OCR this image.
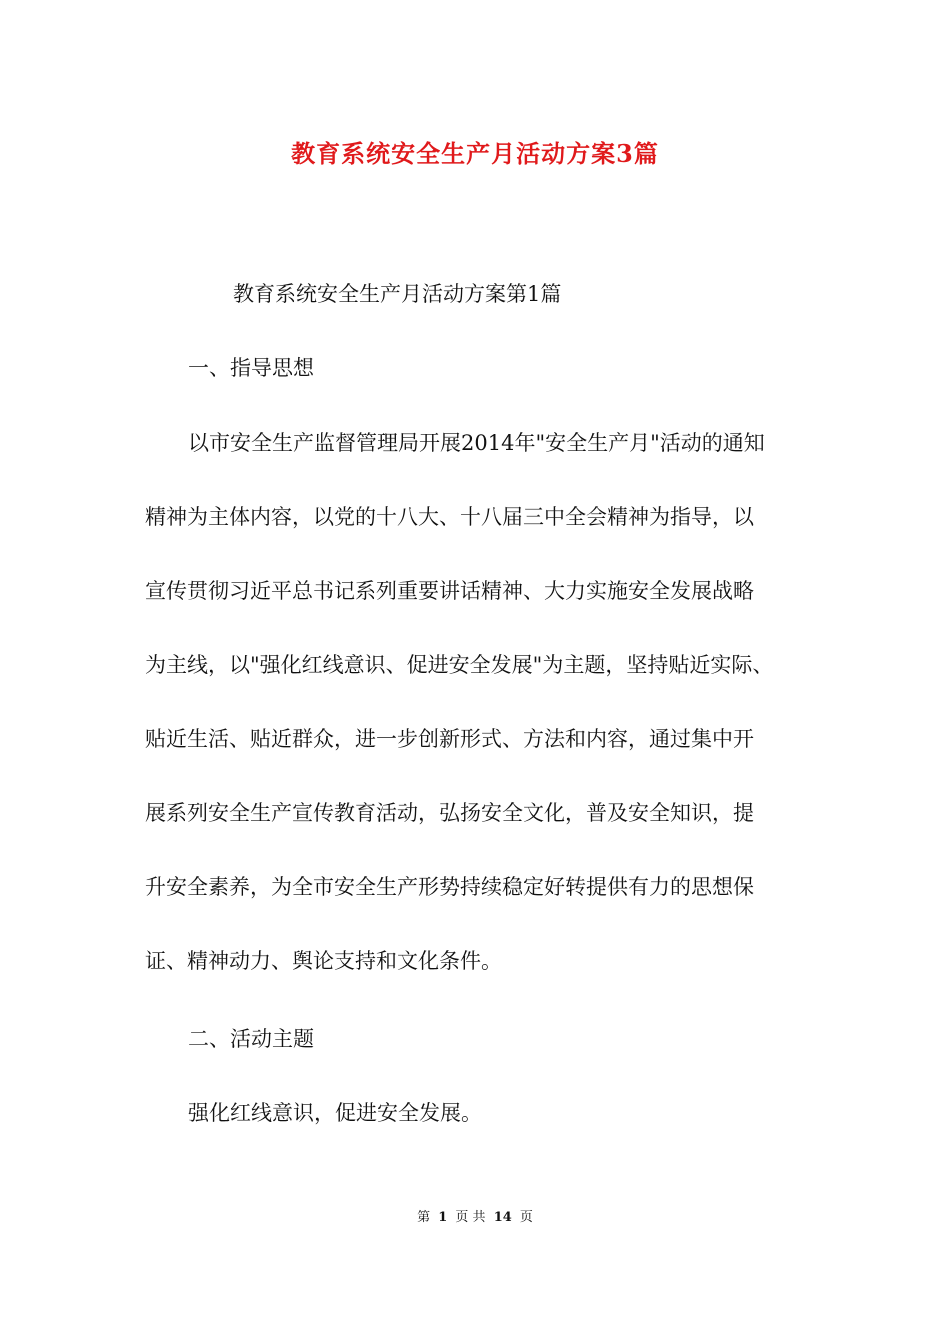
教育系统安全生产月活动方案3篇
教育系统安全生产月活动方案第1篇
一、指导思想
以市安全生产监督管理局开展2014年"安全生产月"活动的通知
精神为主体内容，以党的十八大、十八届三中全会精神为指导，以
宣传贯彻习近平总书记系列重要讲话精神、大力实施安全发展战略
为主线，以"强化红线意识、促进安全发展"为主题，坚持贴近实际、
贴近生活、贴近群众，进一步创新形式、方法和内容，通过集中开
展系列安全生产宣传教育活动，弘扬安全文化，普及安全知识，提
升安全素养，为全市安全生产形势持续稳定好转提供有力的思想保
证、精神动力、舆论支持和文化条件。
二、活动主题
强化红线意识，促进安全发展。
第 1 页 共 14 页
